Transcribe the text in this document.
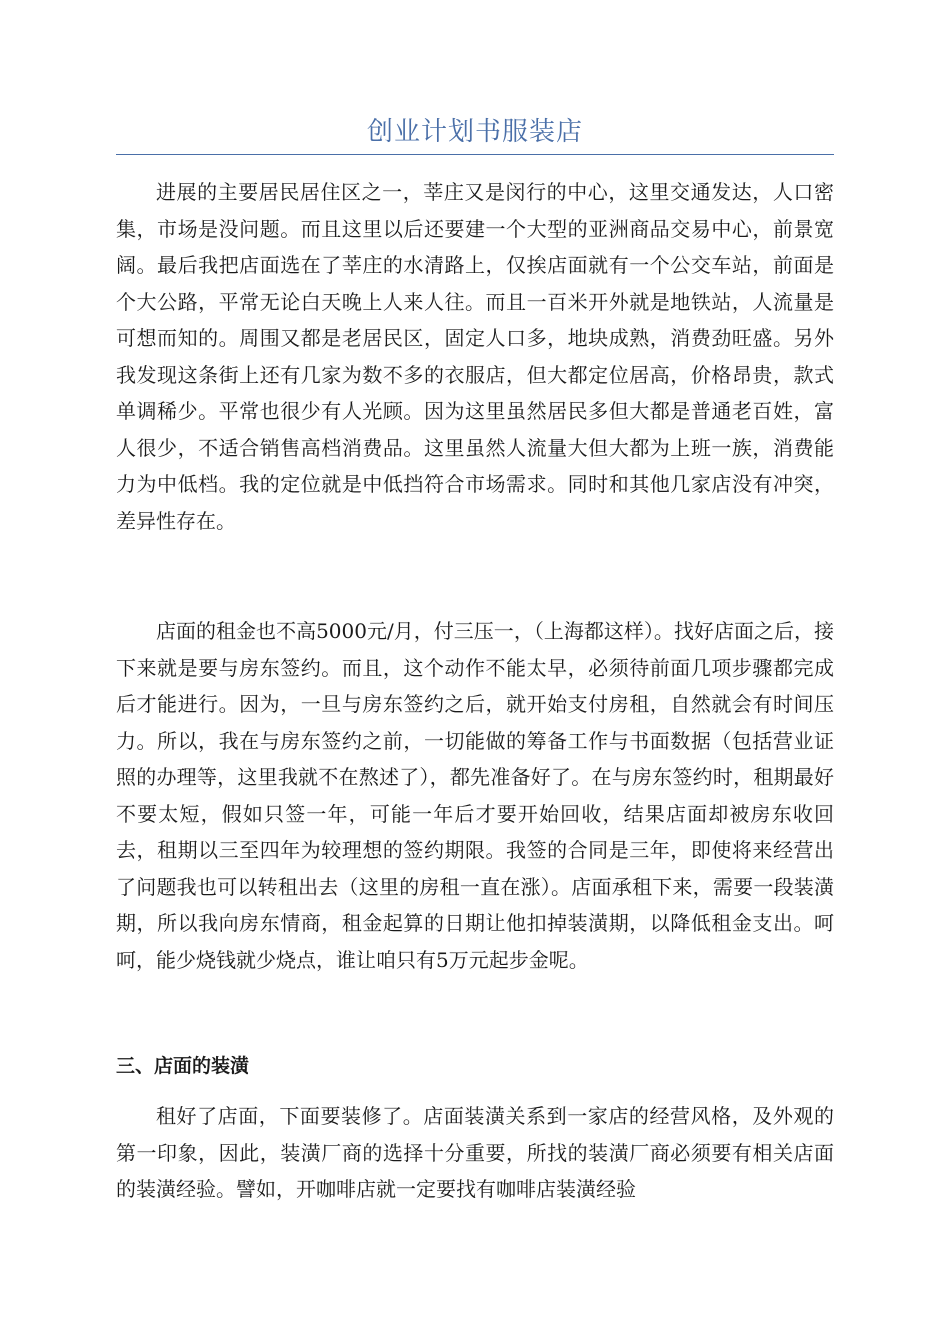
创业计划书服装店

进展的主要居民居住区之一，莘庄又是闵行的中心，这里交通发达，人口密集，市场是没问题。而且这里以后还要建一个大型的亚洲商品交易中心，前景宽阔。最后我把店面选在了莘庄的水清路上，仅挨店面就有一个公交车站，前面是个大公路，平常无论白天晚上人来人往。而且一百米开外就是地铁站，人流量是可想而知的。周围又都是老居民区，固定人口多，地块成熟，消费劲旺盛。另外我发现这条街上还有几家为数不多的衣服店，但大都定位居高，价格昂贵，款式单调稀少。平常也很少有人光顾。因为这里虽然居民多但大都是普通老百姓，富人很少，不适合销售高档消费品。这里虽然人流量大但大都为上班一族，消费能力为中低档。我的定位就是中低挡符合市场需求。同时和其他几家店没有冲突，差异性存在。

店面的租金也不高5000元/月，付三压一，（上海都这样）。找好店面之后，接下来就是要与房东签约。而且，这个动作不能太早，必须待前面几项步骤都完成后才能进行。因为，一旦与房东签约之后，就开始支付房租，自然就会有时间压力。所以，我在与房东签约之前，一切能做的筹备工作与书面数据（包括营业证照的办理等，这里我就不在熬述了），都先准备好了。在与房东签约时，租期最好不要太短，假如只签一年，可能一年后才要开始回收，结果店面却被房东收回去，租期以三至四年为较理想的签约期限。我签的合同是三年，即使将来经营出了问题我也可以转租出去（这里的房租一直在涨）。店面承租下来，需要一段装潢期，所以我向房东情商，租金起算的日期让他扣掉装潢期，以降低租金支出。呵呵，能少烧钱就少烧点，谁让咱只有5万元起步金呢。

三、店面的装潢

租好了店面，下面要装修了。店面装潢关系到一家店的经营风格，及外观的第一印象，因此，装潢厂商的选择十分重要，所找的装潢厂商必须要有相关店面的装潢经验。譬如，开咖啡店就一定要找有咖啡店装潢经验
